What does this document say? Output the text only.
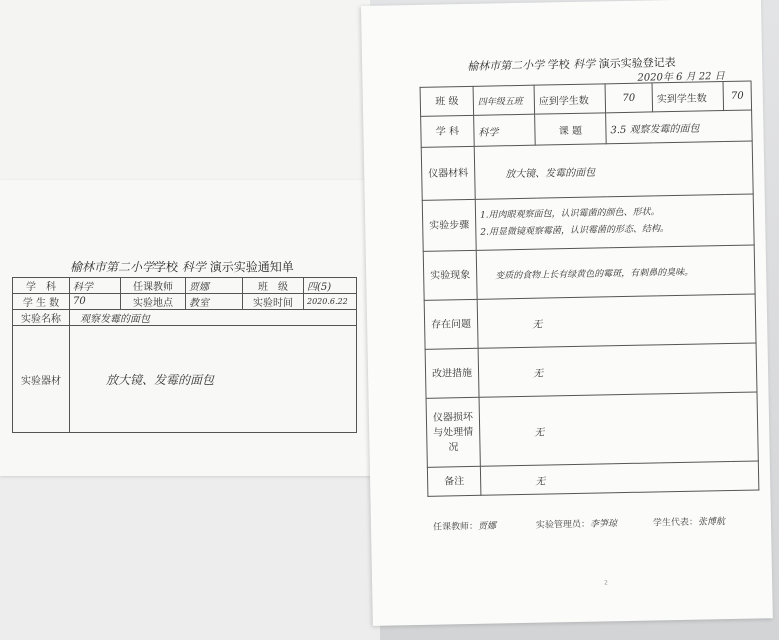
榆林市第二小学学校 科学 演示实验通知单
学　科	科学	任课教师	贾娜	班　级	四(5)
学 生 数	70	实验地点	教室	实验时间	2020.6.22
实验名称	观察发霉的面包				
实验器材	放大镜、发霉的面包				
榆林市第二小学 学校 科学 演示实验登记表
2020年 6 月 22 日
班 级	四年级五班	应到学生数	70	实到学生数	70
学 科	科学	课 题	3.5 观察发霉的面包		
仪器材料	放大镜、发霉的面包				
实验步骤	1.用肉眼观察面包，认识霉菌的颜色、形状。
2.用显微镜观察霉菌，认识霉菌的形态、结构。				

实验现象	变质的食物上长有绿黄色的霉斑，有刺鼻的臭味。				
存在问题	无				
改进措施	无				
仪器损坏与处理情况	无				
备注	无				
任课教师：贾娜	实验管理员：李笋琼	学生代表：张博航
2
